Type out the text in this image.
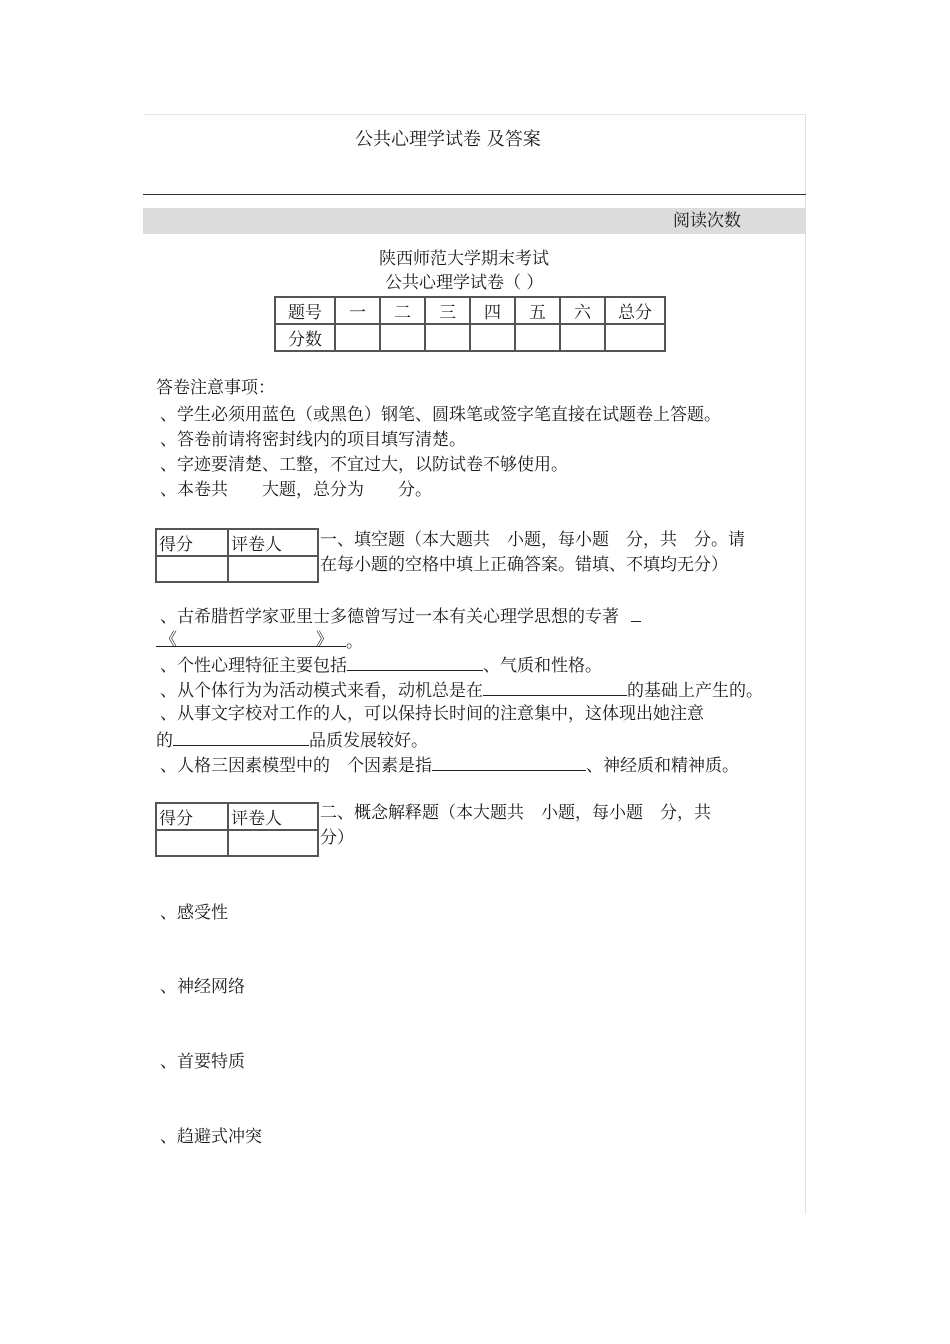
公共心理学试卷 及答案
阅读次数
陕西师范大学期末考试
公共心理学试卷（ ）
题号	一	二	三	四	五	六	总分
分数							
答卷注意事项：
、学生必须用蓝色（或黑色）钢笔、圆珠笔或签字笔直接在试题卷上答题。
、答卷前请将密封线内的项目填写清楚。
、字迹要清楚、工整，不宜过大，以防试卷不够使用。
、本卷共　　大题，总分为　　分。
得分	评卷人
	一、填空题（本大题共　小题，每小题　分，共　分。请
在每小题的空格中填上正确答案。错填、不填均无分）
、古希腊哲学家亚里士多德曾写过一本有关心理学思想的专著
《	》 。
、个性心理特征主要包括	、气质和性格。
、从个体行为为活动模式来看，动机总是在	的基础上产生的。
、从事文字校对工作的人，可以保持长时间的注意集中，这体现出她注意
的	品质发展较好。
、人格三因素模型中的　个因素是指	、神经质和精神质。
得分	评卷人
	二、概念解释题（本大题共　小题，每小题　分，共
分）
、感受性
、神经网络
、首要特质
、趋避式冲突
